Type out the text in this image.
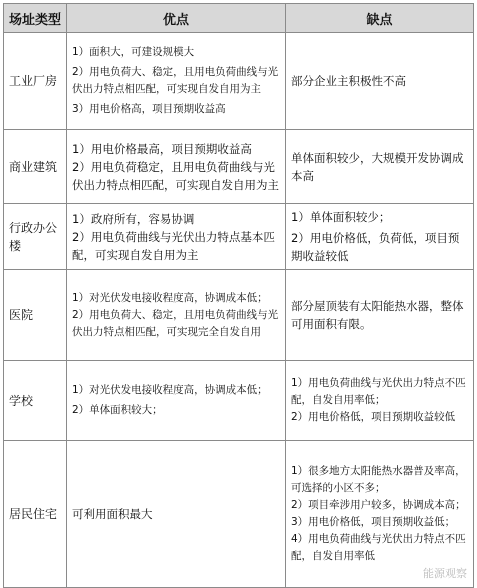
场址类型	优点	缺点
工业厂房	1）面积大，可建设规模大
2）用电负荷大、稳定，且用电负荷曲线与光伏出力特点相匹配，可实现自发自用为主
3）用电价格高，项目预期收益高	部分企业主积极性不高

商业建筑	1）用电价格最高，项目预期收益高
2）用电负荷稳定，且用电负荷曲线与光伏出力特点相匹配，可实现自发自用为主	单体面积较少，大规模开发协调成本高

行政办公楼	1）政府所有，容易协调
2）用电负荷曲线与光伏出力特点基本匹配，可实现自发自用为主	1）单体面积较少；
2）用电价格低，负荷低，项目预期收益较低

医院	1）对光伏发电接收程度高，协调成本低；
2）用电负荷大、稳定，且用电负荷曲线与光伏出力特点相匹配，可实现完全自发自用	部分屋顶装有太阳能热水器，整体可用面积有限。

学校	1）对光伏发电接收程度高，协调成本低；
2）单体面积较大；	1）用电负荷曲线与光伏出力特点不匹配，自发自用率低；
2）用电价格低，项目预期收益较低

居民住宅	可利用面积最大	1）很多地方太阳能热水器普及率高，可选择的小区不多；
2）项目牵涉用户较多，协调成本高；
3）用电价格低，项目预期收益低；
4）用电负荷曲线与光伏出力特点不匹配，自发自用率低
能源观察
